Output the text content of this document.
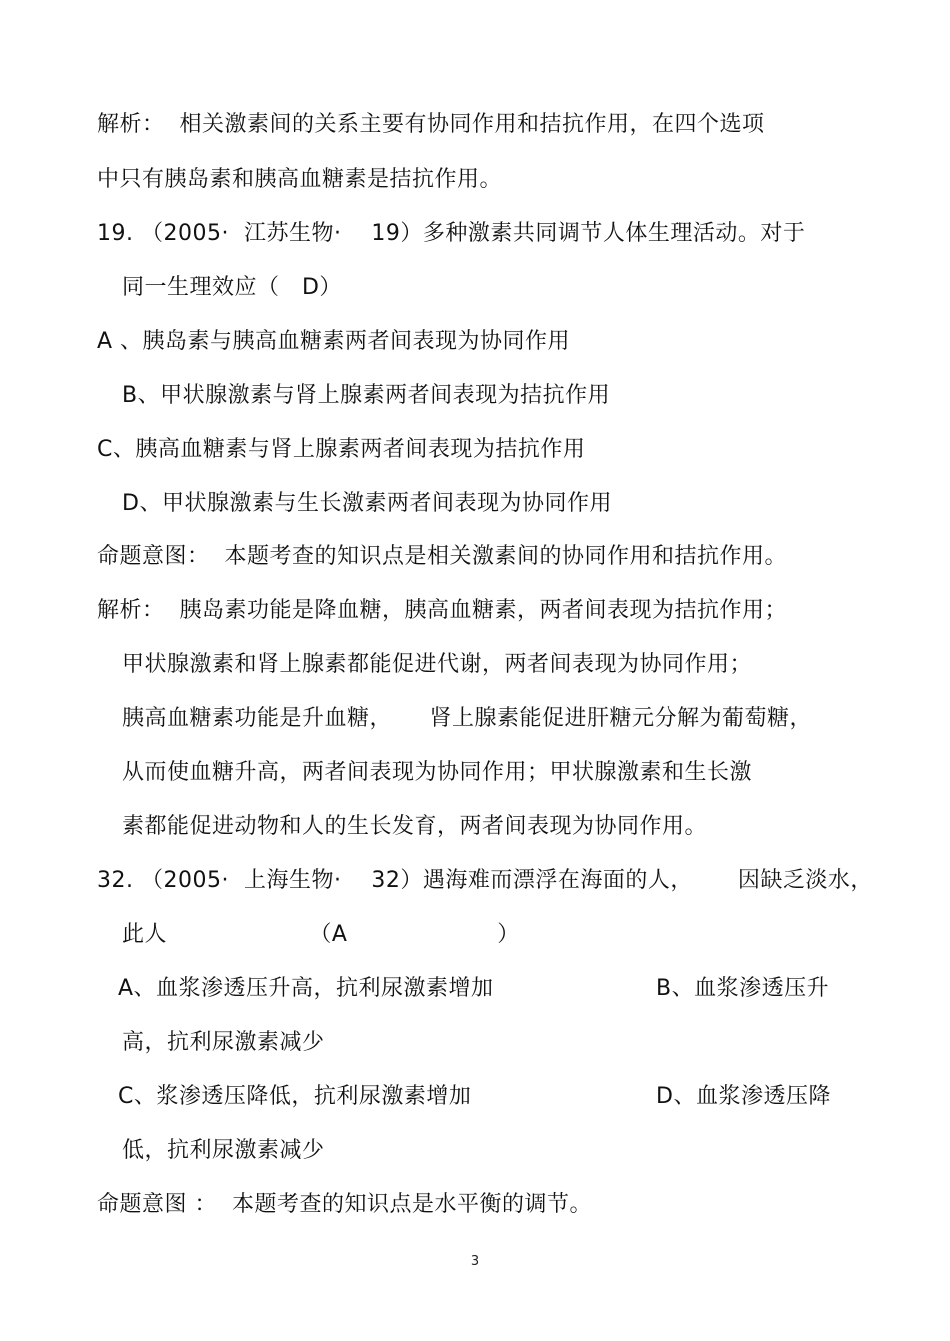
解析：  相关激素间的关系主要有协同作用和拮抗作用，在四个选项
中只有胰岛素和胰高血糖素是拮抗作用。
19. （2005·  江苏生物·    19）多种激素共同调节人体生理活动。对于
同一生理效应（   D）
A 、胰岛素与胰高血糖素两者间表现为协同作用
B、甲状腺激素与肾上腺素两者间表现为拮抗作用
C、胰高血糖素与肾上腺素两者间表现为拮抗作用
D、甲状腺激素与生长激素两者间表现为协同作用
命题意图：  本题考查的知识点是相关激素间的协同作用和拮抗作用。
解析：  胰岛素功能是降血糖，胰高血糖素，两者间表现为拮抗作用；
甲状腺激素和肾上腺素都能促进代谢，两者间表现为协同作用；
胰高血糖素功能是升血糖，     肾上腺素能促进肝糖元分解为葡萄糖，
从而使血糖升高，两者间表现为协同作用；甲状腺激素和生长激
素都能促进动物和人的生长发育，两者间表现为协同作用。
32. （2005·  上海生物·    32）遇海难而漂浮在海面的人，      因缺乏淡水，
此人                   （A                    ）
A、血浆渗透压升高，抗利尿激素增加	B、血浆渗透压升
高，抗利尿激素减少
C、浆渗透压降低，抗利尿激素增加	D、血浆渗透压降
低，抗利尿激素减少
命题意图 ：  本题考查的知识点是水平衡的调节。
3
